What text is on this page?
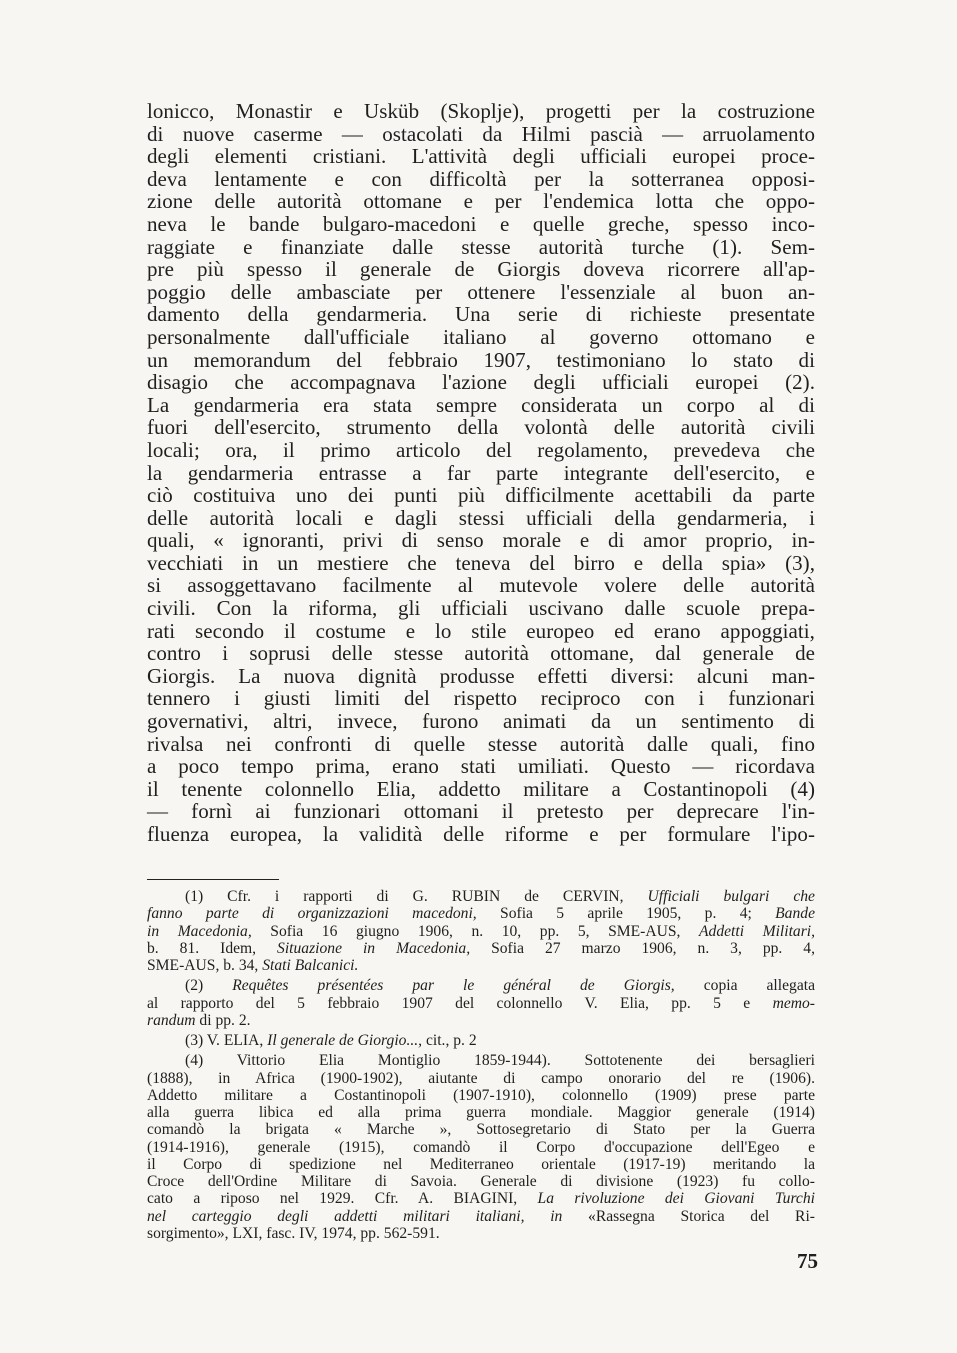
lonicco, Monastir e Usküb (Skoplje), progetti per la costruzione
di nuove caserme — ostacolati da Hilmi pascià — arruolamento
degli elementi cristiani. L'attività degli ufficiali europei proce-
deva lentamente e con difficoltà per la sotterranea opposi-
zione delle autorità ottomane e per l'endemica lotta che oppo-
neva le bande bulgaro-macedoni e quelle greche, spesso inco-
raggiate e finanziate dalle stesse autorità turche (1). Sem-
pre più spesso il generale de Giorgis doveva ricorrere all'ap-
poggio delle ambasciate per ottenere l'essenziale al buon an-
damento della gendarmeria. Una serie di richieste presentate
personalmente dall'ufficiale italiano al governo ottomano e
un memorandum del febbraio 1907, testimoniano lo stato di
disagio che accompagnava l'azione degli ufficiali europei (2).
La gendarmeria era stata sempre considerata un corpo al di
fuori dell'esercito, strumento della volontà delle autorità civili
locali; ora, il primo articolo del regolamento, prevedeva che
la gendarmeria entrasse a far parte integrante dell'esercito, e
ciò costituiva uno dei punti più difficilmente acettabili da parte
delle autorità locali e dagli stessi ufficiali della gendarmeria, i
quali, « ignoranti, privi di senso morale e di amor proprio, in-
vecchiati in un mestiere che teneva del birro e della spia» (3),
si assoggettavano facilmente al mutevole volere delle autorità
civili. Con la riforma, gli ufficiali uscivano dalle scuole prepa-
rati secondo il costume e lo stile europeo ed erano appoggiati,
contro i soprusi delle stesse autorità ottomane, dal generale de
Giorgis. La nuova dignità produsse effetti diversi: alcuni man-
tennero i giusti limiti del rispetto reciproco con i funzionari
governativi, altri, invece, furono animati da un sentimento di
rivalsa nei confronti di quelle stesse autorità dalle quali, fino
a poco tempo prima, erano stati umiliati. Questo — ricordava
il tenente colonnello Elia, addetto militare a Costantinopoli (4)
— fornì ai funzionari ottomani il pretesto per deprecare l'in-
fluenza europea, la validità delle riforme e per formulare l'ipo-
(1) Cfr. i rapporti di G. RUBIN de CERVIN, Ufficiali bulgari che
fanno parte di organizzazioni macedoni, Sofia 5 aprile 1905, p. 4; Bande
in Macedonia, Sofia 16 giugno 1906, n. 10, pp. 5, SME-AUS, Addetti Militari,
b. 81. Idem, Situazione in Macedonia, Sofia 27 marzo 1906, n. 3, pp. 4,
SME-AUS, b. 34, Stati Balcanici.
(2) Requêtes présentées par le général de Giorgis, copia allegata
al rapporto del 5 febbraio 1907 del colonnello V. Elia, pp. 5 e memo-
randum di pp. 2.
(3) V. ELIA, Il generale de Giorgio..., cit., p. 2
(4) Vittorio Elia Montiglio 1859-1944). Sottotenente dei bersaglieri
(1888), in Africa (1900-1902), aiutante di campo onorario del re (1906).
Addetto militare a Costantinopoli (1907-1910), colonnello (1909) prese parte
alla guerra libica ed alla prima guerra mondiale. Maggior generale (1914)
comandò la brigata « Marche », Sottosegretario di Stato per la Guerra
(1914-1916), generale (1915), comandò il Corpo d'occupazione dell'Egeo e
il Corpo di spedizione nel Mediterraneo orientale (1917-19) meritando la
Croce dell'Ordine Militare di Savoia. Generale di divisione (1923) fu collo-
cato a riposo nel 1929. Cfr. A. BIAGINI, La rivoluzione dei Giovani Turchi
nel carteggio degli addetti militari italiani, in «Rassegna Storica del Ri-
sorgimento», LXI, fasc. IV, 1974, pp. 562-591.
75
